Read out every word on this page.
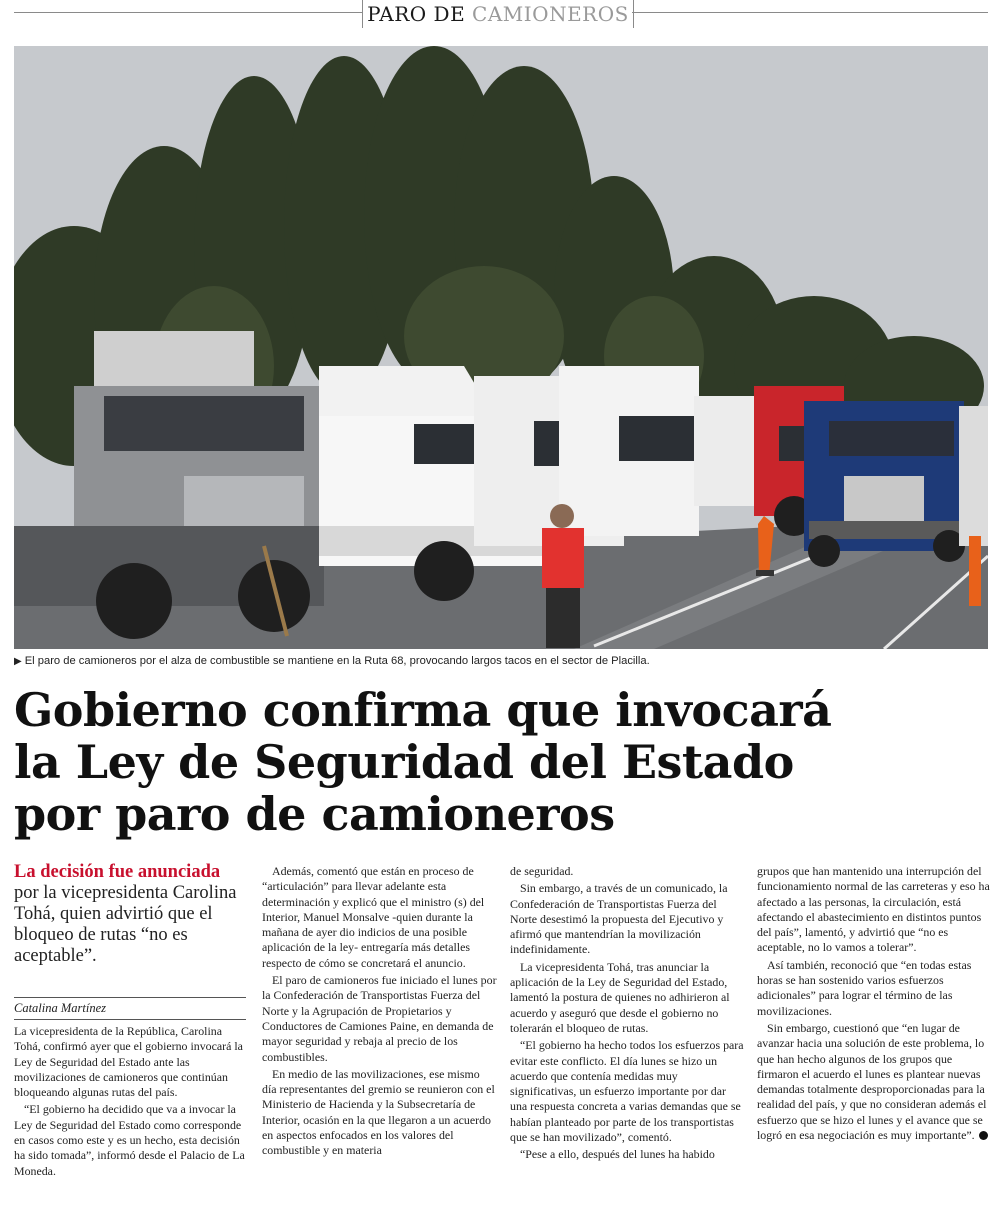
PARO DE CAMIONEROS
▶ El paro de camioneros por el alza de combustible se mantiene en la Ruta 68, provocando largos tacos en el sector de Placilla.
Gobierno confirma que invocará
la Ley de Seguridad del Estado
por paro de camioneros
La decisión fue anunciada por la vicepresidenta Carolina Tohá, quien advirtió que el bloqueo de rutas “no es aceptable”.
Catalina Martínez

La vicepresidenta de la República, Carolina Tohá, confirmó ayer que el gobierno invocará la Ley de Seguridad del Estado ante las movilizaciones de camioneros que continúan bloqueando algunas rutas del país.

“El gobierno ha decidido que va a invocar la Ley de Seguridad del Estado como corresponde en casos como este y es un hecho, esta decisión ha sido tomada”, informó desde el Palacio de La Moneda.

Además, comentó que están en proceso de “articulación” para llevar adelante esta determinación y explicó que el ministro (s) del Interior, Manuel Monsalve -quien durante la mañana de ayer dio indicios de una posible aplicación de la ley- entregaría más detalles respecto de cómo se concretará el anuncio.

El paro de camioneros fue iniciado el lunes por la Confederación de Transportistas Fuerza del Norte y la Agrupación de Propietarios y Conductores de Camiones Paine, en demanda de mayor seguridad y rebaja al precio de los combustibles.

En medio de las movilizaciones, ese mismo día representantes del gremio se reunieron con el Ministerio de Hacienda y la Subsecretaría de Interior, ocasión en la que llegaron a un acuerdo en aspectos enfocados en los valores del combustible y en materia

de seguridad.

Sin embargo, a través de un comunicado, la Confederación de Transportistas Fuerza del Norte desestimó la propuesta del Ejecutivo y afirmó que mantendrían la movilización indefinidamente.

La vicepresidenta Tohá, tras anunciar la aplicación de la Ley de Seguridad del Estado, lamentó la postura de quienes no adhirieron al acuerdo y aseguró que desde el gobierno no tolerarán el bloqueo de rutas.

“El gobierno ha hecho todos los esfuerzos para evitar este conflicto. El día lunes se hizo un acuerdo que contenía medidas muy significativas, un esfuerzo importante por dar una respuesta concreta a varias demandas que se habían planteado por parte de los transportistas que se han movilizado”, comentó.

“Pese a ello, después del lunes ha habido

grupos que han mantenido una interrupción del funcionamiento normal de las carreteras y eso ha afectado a las personas, la circulación, está afectando el abastecimiento en distintos puntos del país”, lamentó, y advirtió que “no es aceptable, no lo vamos a tolerar”.

Así también, reconoció que “en todas estas horas se han sostenido varios esfuerzos adicionales” para lograr el término de las movilizaciones.

Sin embargo, cuestionó que “en lugar de avanzar hacia una solución de este problema, lo que han hecho algunos de los grupos que firmaron el acuerdo el lunes es plantear nuevas demandas totalmente desproporcionadas para la realidad del país, y que no consideran además el esfuerzo que se hizo el lunes y el avance que se logró en esa negociación es muy importante”.
